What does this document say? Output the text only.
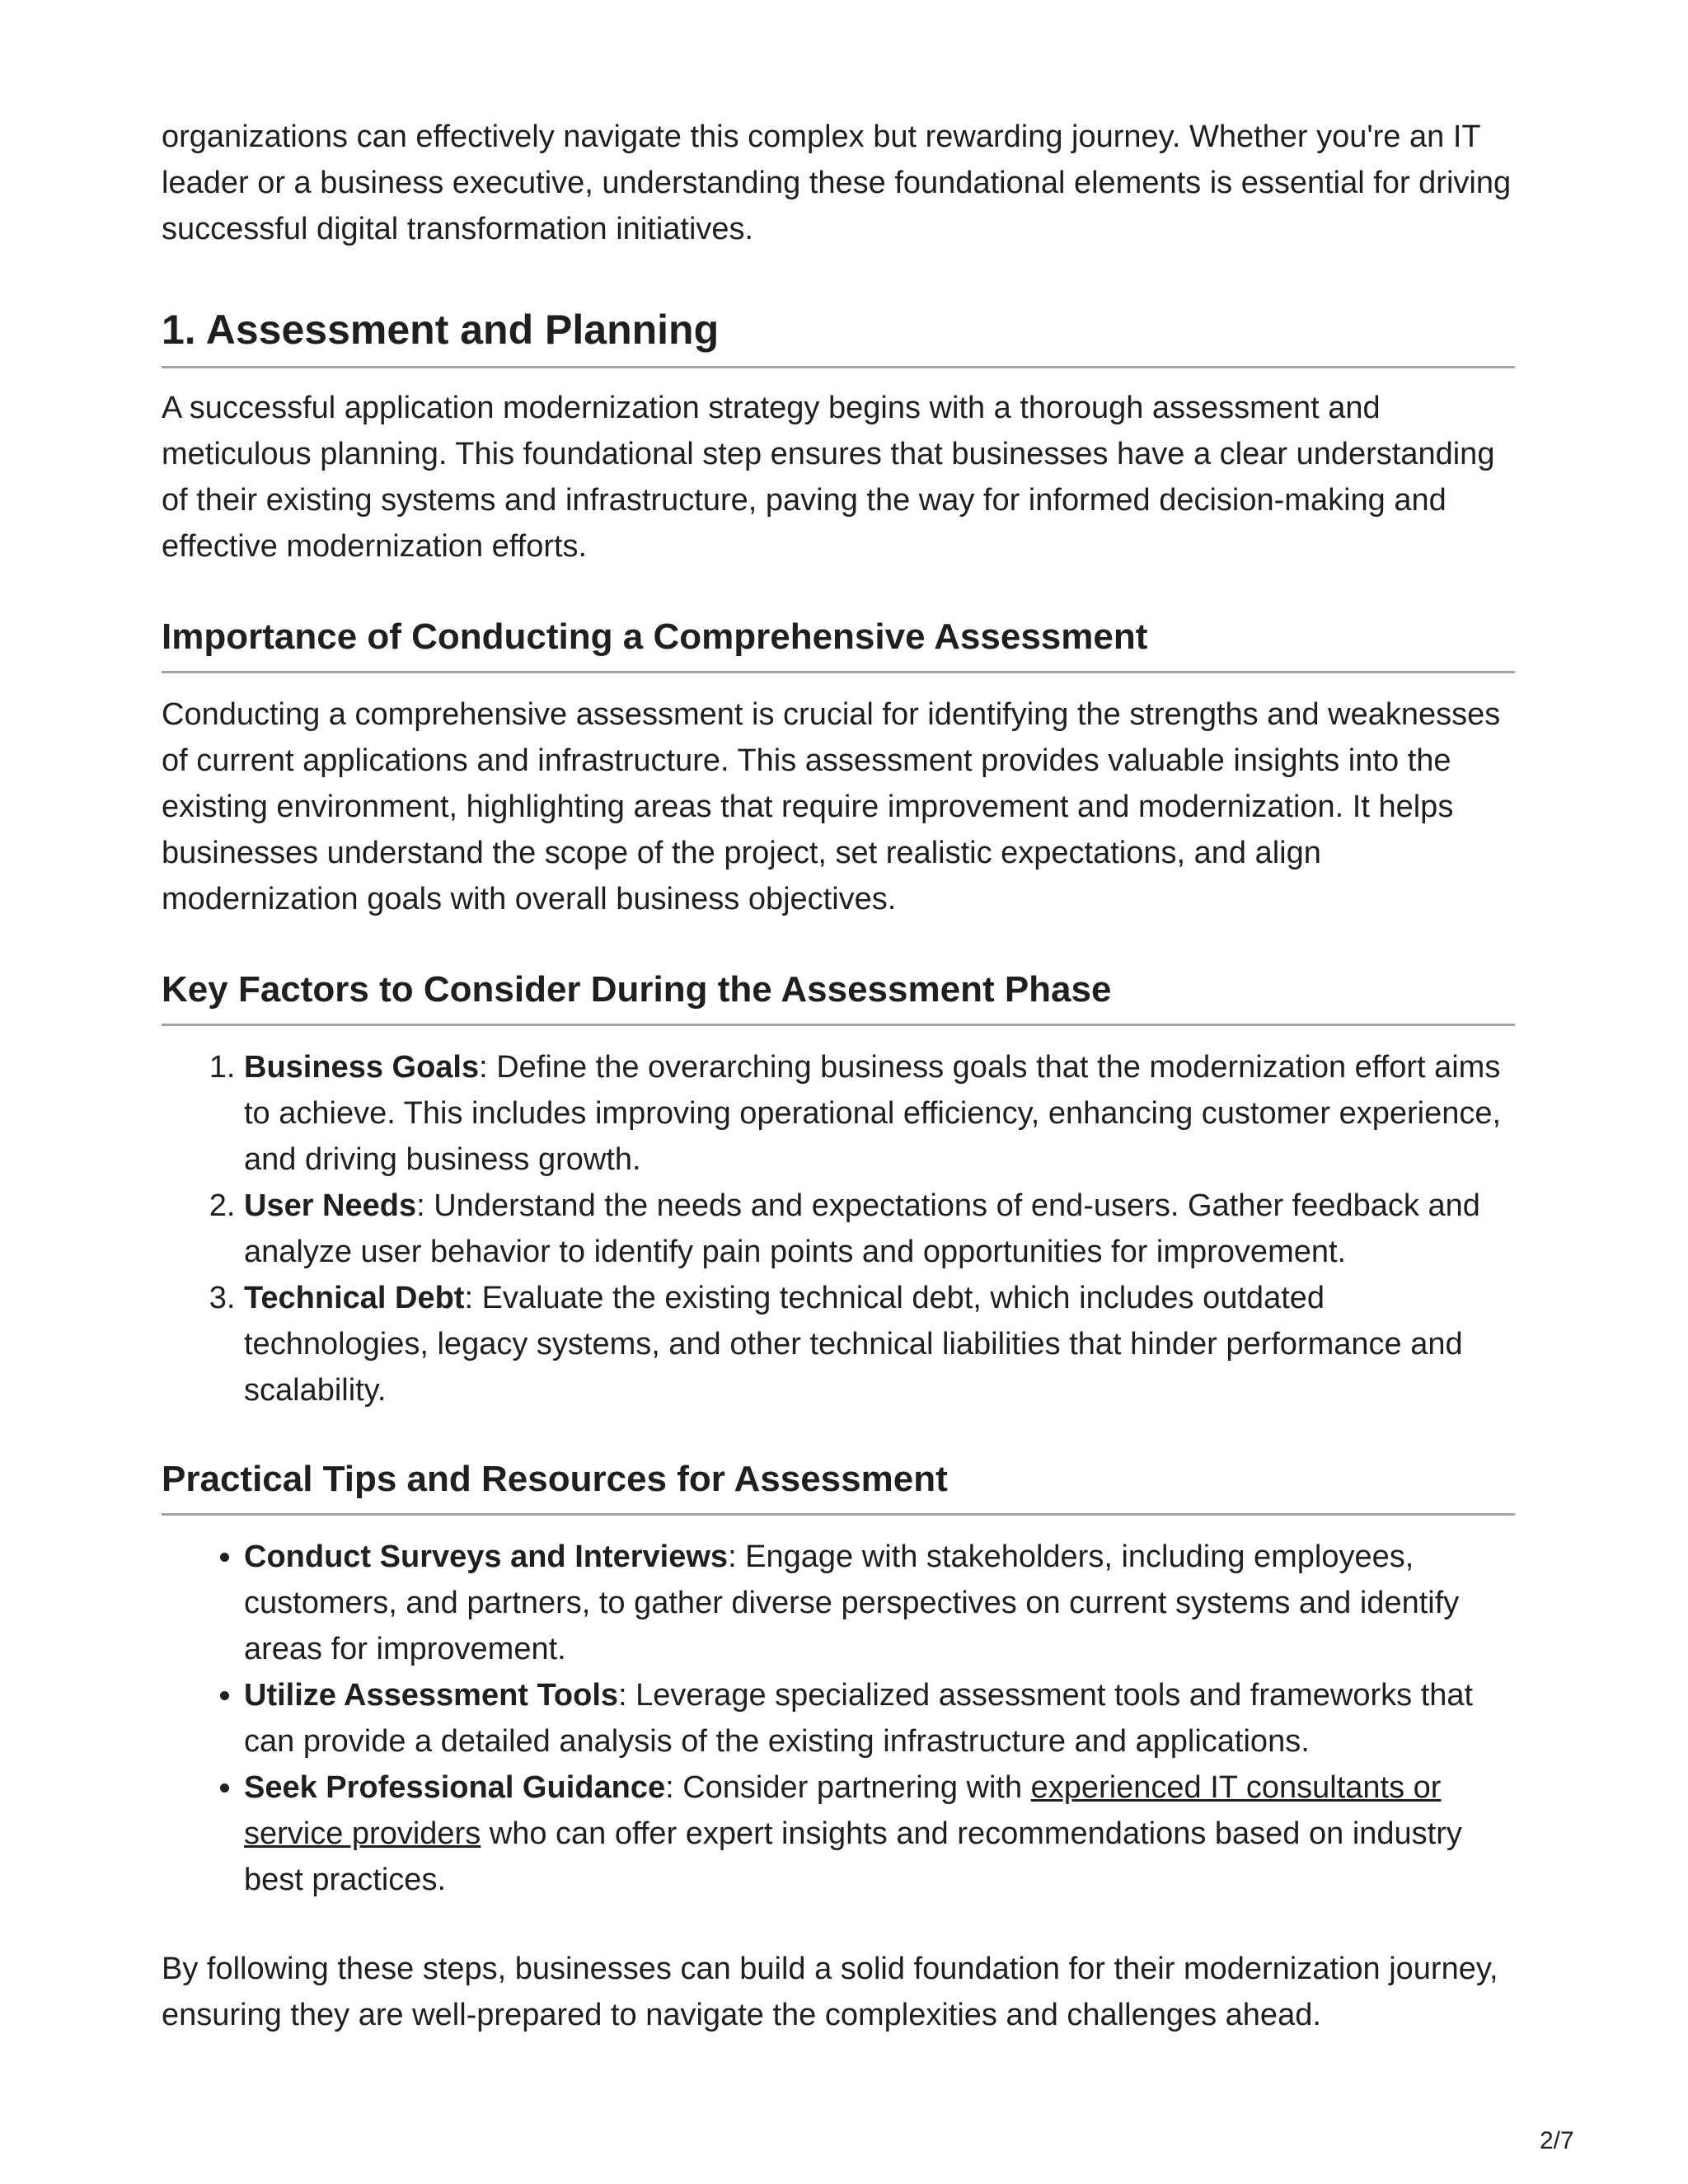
organizations can effectively navigate this complex but rewarding journey. Whether you're an IT leader or a business executive, understanding these foundational elements is essential for driving successful digital transformation initiatives.

1. Assessment and Planning

A successful application modernization strategy begins with a thorough assessment and meticulous planning. This foundational step ensures that businesses have a clear understanding of their existing systems and infrastructure, paving the way for informed decision-making and effective modernization efforts.

Importance of Conducting a Comprehensive Assessment

Conducting a comprehensive assessment is crucial for identifying the strengths and weaknesses of current applications and infrastructure. This assessment provides valuable insights into the existing environment, highlighting areas that require improvement and modernization. It helps businesses understand the scope of the project, set realistic expectations, and align modernization goals with overall business objectives.

Key Factors to Consider During the Assessment Phase
1. Business Goals: Define the overarching business goals that the modernization effort aims to achieve. This includes improving operational efficiency, enhancing customer experience, and driving business growth.
2. User Needs: Understand the needs and expectations of end-users. Gather feedback and analyze user behavior to identify pain points and opportunities for improvement.
3. Technical Debt: Evaluate the existing technical debt, which includes outdated technologies, legacy systems, and other technical liabilities that hinder performance and scalability.
Practical Tips and Resources for Assessment
• Conduct Surveys and Interviews: Engage with stakeholders, including employees, customers, and partners, to gather diverse perspectives on current systems and identify areas for improvement.
• Utilize Assessment Tools: Leverage specialized assessment tools and frameworks that can provide a detailed analysis of the existing infrastructure and applications.
• Seek Professional Guidance: Consider partnering with experienced IT consultants or service providers who can offer expert insights and recommendations based on industry best practices.

By following these steps, businesses can build a solid foundation for their modernization journey, ensuring they are well-prepared to navigate the complexities and challenges ahead.

2/7
